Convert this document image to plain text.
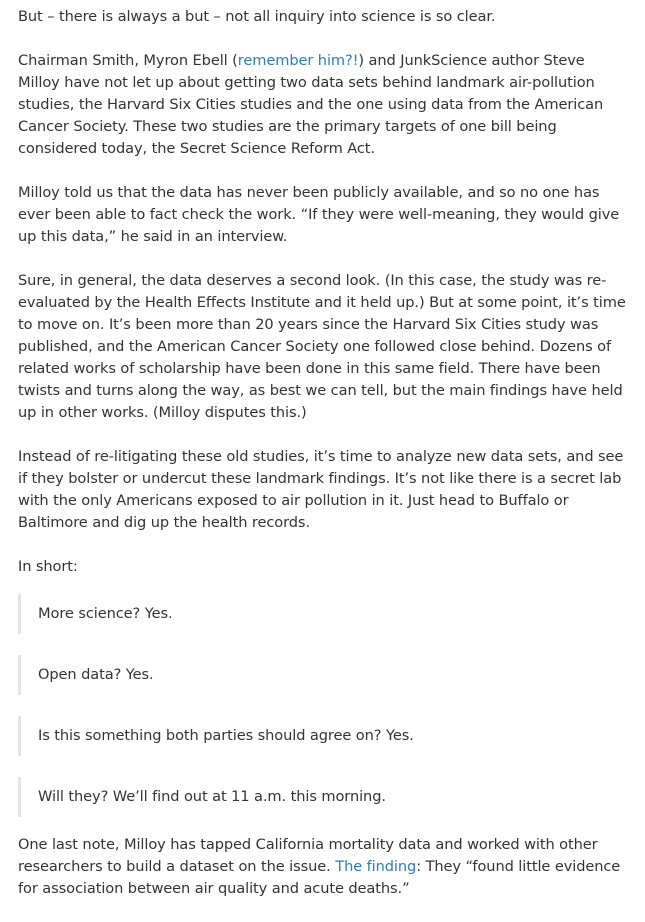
But – there is always a but – not all inquiry into science is so clear.

Chairman Smith, Myron Ebell (remember him?!) and JunkScience author Steve Milloy have not let up about getting two data sets behind landmark air-pollution studies, the Harvard Six Cities studies and the one using data from the American Cancer Society. These two studies are the primary targets of one bill being considered today, the Secret Science Reform Act.

Milloy told us that the data has never been publicly available, and so no one has ever been able to fact check the work. “If they were well-meaning, they would give up this data,” he said in an interview.

Sure, in general, the data deserves a second look. (In this case, the study was re-evaluated by the Health Effects Institute and it held up.) But at some point, it’s time to move on. It’s been more than 20 years since the Harvard Six Cities study was published, and the American Cancer Society one followed close behind. Dozens of related works of scholarship have been done in this same field. There have been twists and turns along the way, as best we can tell, but the main findings have held up in other works. (Milloy disputes this.)

Instead of re-litigating these old studies, it’s time to analyze new data sets, and see if they bolster or undercut these landmark findings. It’s not like there is a secret lab with the only Americans exposed to air pollution in it. Just head to Buffalo or Baltimore and dig up the health records.

In short:

More science? Yes.

Open data? Yes.

Is this something both parties should agree on? Yes.

Will they? We’ll find out at 11 a.m. this morning.

One last note, Milloy has tapped California mortality data and worked with other researchers to build a dataset on the issue. The finding: They “found little evidence for association between air quality and acute deaths.”
